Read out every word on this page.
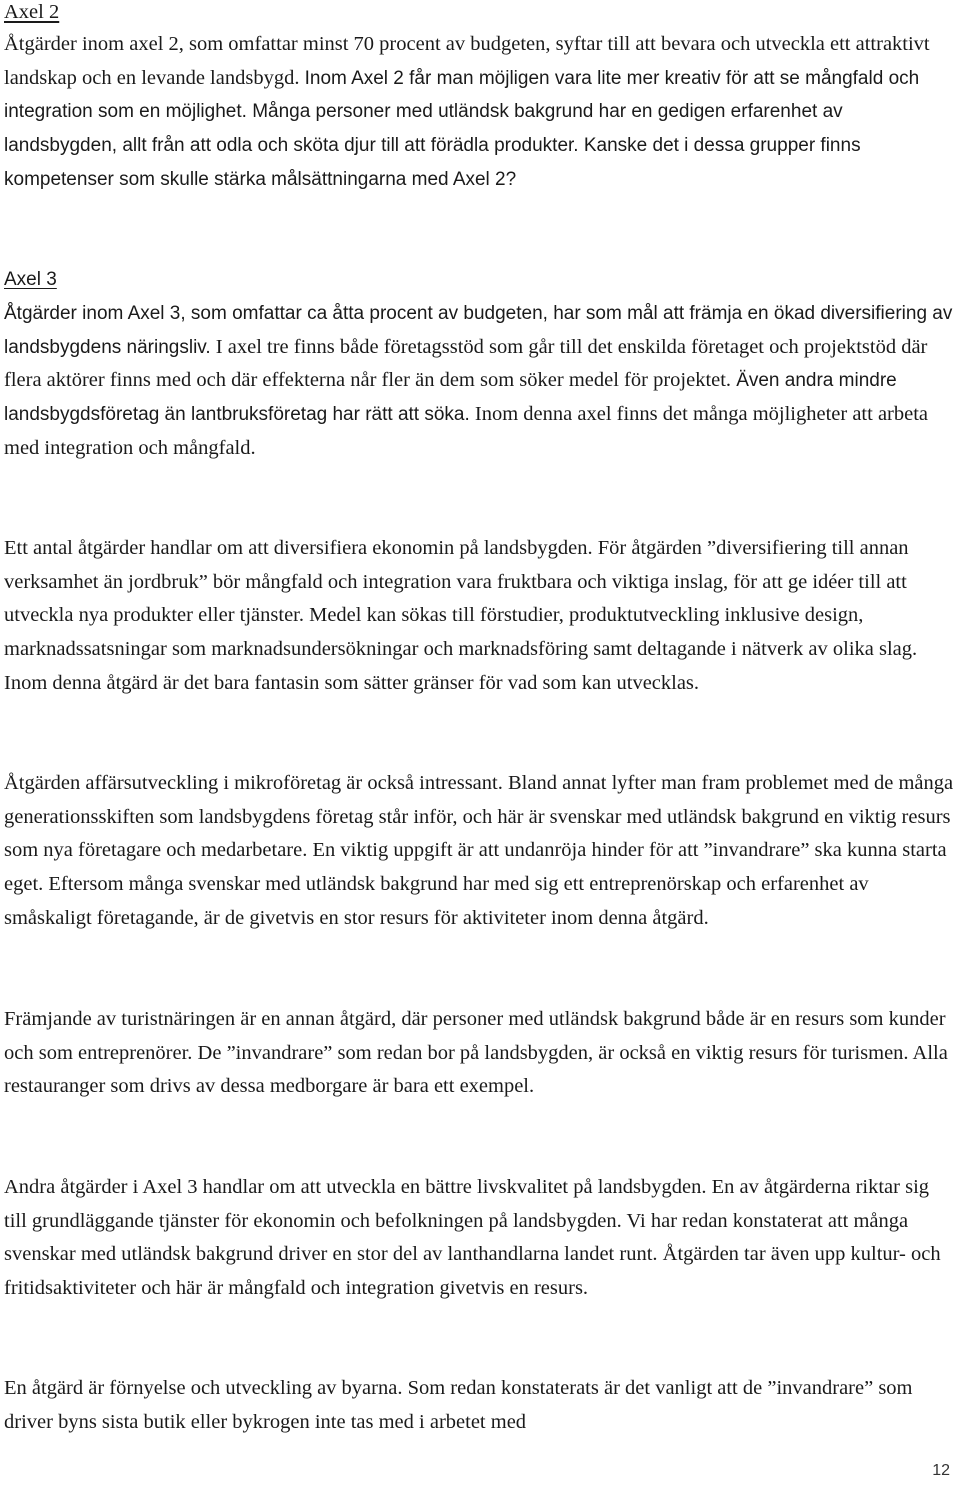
Axel 2

Åtgärder inom axel 2, som omfattar minst 70 procent av budgeten, syftar till att bevara och utveckla ett attraktivt landskap och en levande landsbygd. Inom Axel 2 får man möjligen vara lite mer kreativ för att se mångfald och integration som en möjlighet. Många personer med utländsk bakgrund har en gedigen erfarenhet av landsbygden, allt från att odla och sköta djur till att förädla produkter. Kanske det i dessa grupper finns kompetenser som skulle stärka målsättningarna med Axel 2?

Axel 3

Åtgärder inom Axel 3, som omfattar ca åtta procent av budgeten, har som mål att främja en ökad diversifiering av landsbygdens näringsliv. I axel tre finns både företagsstöd som går till det enskilda företaget och projektstöd där flera aktörer finns med och där effekterna når fler än dem som söker medel för projektet. Även andra mindre landsbygdsföretag än lantbruksföretag har rätt att söka. Inom denna axel finns det många möjligheter att arbeta med integration och mångfald.

Ett antal åtgärder handlar om att diversifiera ekonomin på landsbygden. För åtgärden ”diversifiering till annan verksamhet än jordbruk” bör mångfald och integration vara fruktbara och viktiga inslag, för att ge idéer till att utveckla nya produkter eller tjänster. Medel kan sökas till förstudier, produktutveckling inklusive design, marknadssatsningar som marknadsundersökningar och marknadsföring samt deltagande i nätverk av olika slag. Inom denna åtgärd är det bara fantasin som sätter gränser för vad som kan utvecklas.

Åtgärden affärsutveckling i mikroföretag är också intressant. Bland annat lyfter man fram problemet med de många generationsskiften som landsbygdens företag står inför, och här är svenskar med utländsk bakgrund en viktig resurs som nya företagare och medarbetare. En viktig uppgift är att undanröja hinder för att ”invandrare” ska kunna starta eget. Eftersom många svenskar med utländsk bakgrund har med sig ett entreprenörskap och erfarenhet av småskaligt företagande, är de givetvis en stor resurs för aktiviteter inom denna åtgärd.

Främjande av turistnäringen är en annan åtgärd, där personer med utländsk bakgrund både är en resurs som kunder och som entreprenörer. De ”invandrare” som redan bor på landsbygden, är också en viktig resurs för turismen. Alla restauranger som drivs av dessa medborgare är bara ett exempel.

Andra åtgärder i Axel 3 handlar om att utveckla en bättre livskvalitet på landsbygden. En av åtgärderna riktar sig till grundläggande tjänster för ekonomin och befolkningen på landsbygden. Vi har redan konstaterat att många svenskar med utländsk bakgrund driver en stor del av lanthandlarna landet runt. Åtgärden tar även upp kultur- och fritidsaktiviteter och här är mångfald och integration givetvis en resurs.

En åtgärd är förnyelse och utveckling av byarna. Som redan konstaterats är det vanligt att de ”invandrare” som driver byns sista butik eller bykrogen inte tas med i arbetet med

12
